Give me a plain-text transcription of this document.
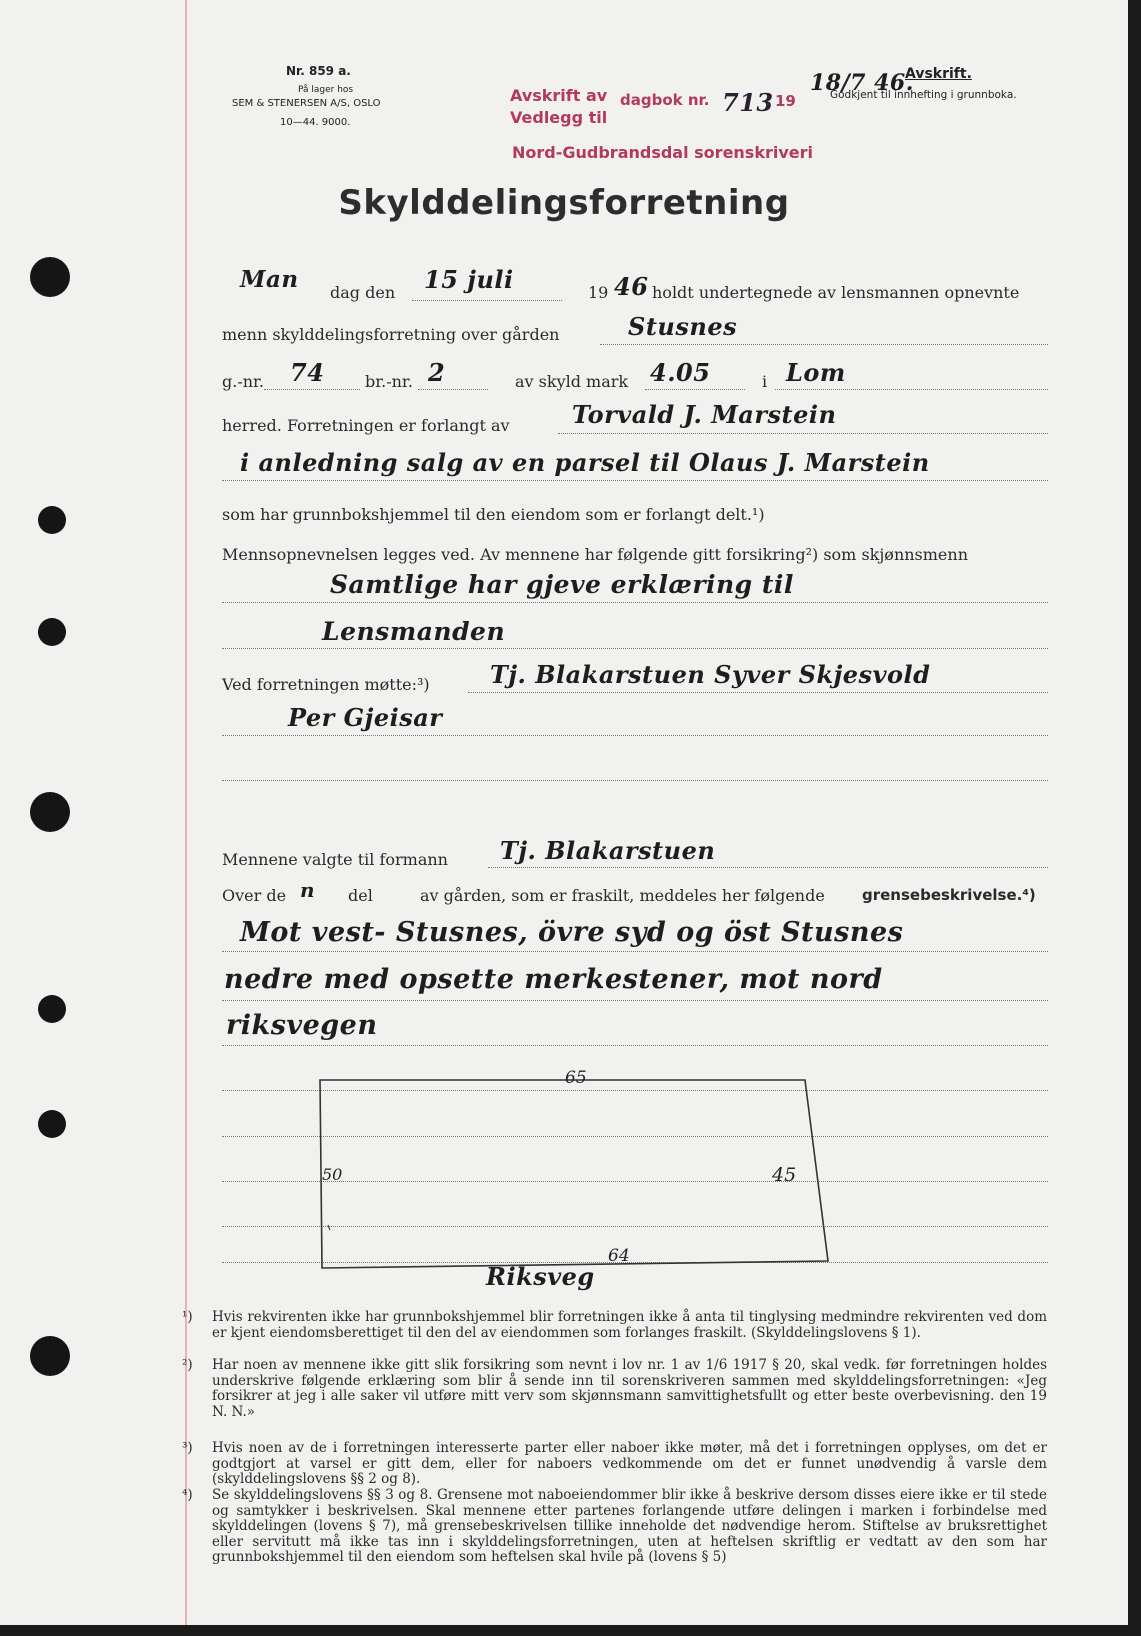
Nr. 859 a.
På lager hos
SEM & STENERSEN A/S, OSLO
10—44. 9000.
Avskrift av
Vedlegg til
Nord-Gudbrandsdal sorenskriveri
dagbok nr. 713 19
18/7 46.
Avskrift.
Godkjent til innhefting i grunnboka.
Skylddelingsforretning
Man dag den 15 juli	19 46 holdt undertegnede av lensmannen opnevnte
menn skylddelingsforretning over gården	Stusnes
g.-nr. 74	br.-nr. 2	av skyld mark 4.05	i Lom
herred. Forretningen er forlangt av	Torvald J. Marstein
i anledning salg av en parsel til Olaus J. Marstein
som har grunnbokshjemmel til den eiendom som er forlangt delt.¹)
Mennsopnevnelsen legges ved. Av mennene har følgende gitt forsikring²) som skjønnsmenn
Samtlige har gjeve erklæring til
Lensmanden
Ved forretningen møtte:³)	Tj. Blakarstuen Syver Skjesvold
Per Gjeisar
Mennene valgte til formann Tj. Blakarstuen
Over de n del	av gården, som er fraskilt, meddeles her følgende grensebeskrivelse.⁴)
Mot vest- Stusnes, övre syd og öst Stusnes
nedre med opsette merkestener, mot nord
riksvegen
65
50	45
64
Riksveg
¹) Hvis rekvirenten ikke har grunnbokshjemmel blir forretningen ikke å anta til tinglysing medmindre rekvirenten ved dom er kjent eiendomsberettiget til den del av eiendommen som forlanges fraskilt. (Skylddelingslovens § 1).
²) Har noen av mennene ikke gitt slik forsikring som nevnt i lov nr. 1 av 1/6 1917 § 20, skal vedk. før forretningen holdes underskrive følgende erklæring som blir å sende inn til sorenskriveren sammen med skylddelingsforretningen: «Jeg forsikrer at jeg i alle saker vil utføre mitt verv som skjønnsmann samvittighetsfullt og etter beste overbevisning. den 19 N. N.»
³) Hvis noen av de i forretningen interesserte parter eller naboer ikke møter, må det i forretningen opplyses, om det er godtgjort at varsel er gitt dem, eller for naboers vedkommende om det er funnet unødvendig å varsle dem (skylddelingslovens §§ 2 og 8).
⁴) Se skylddelingslovens §§ 3 og 8. Grensene mot naboeiendommer blir ikke å beskrive dersom disses eiere ikke er til stede og samtykker i beskrivelsen. Skal mennene etter partenes forlangende utføre delingen i marken i forbindelse med skylddelingen (lovens § 7), må grensebeskrivelsen tillike inneholde det nødvendige herom. Stiftelse av bruksrettighet eller servitutt må ikke tas inn i skylddelingsforretningen, uten at heftelsen skriftlig er vedtatt av den som har grunnbokshjemmel til den eiendom som heftelsen skal hvile på (lovens § 5)
